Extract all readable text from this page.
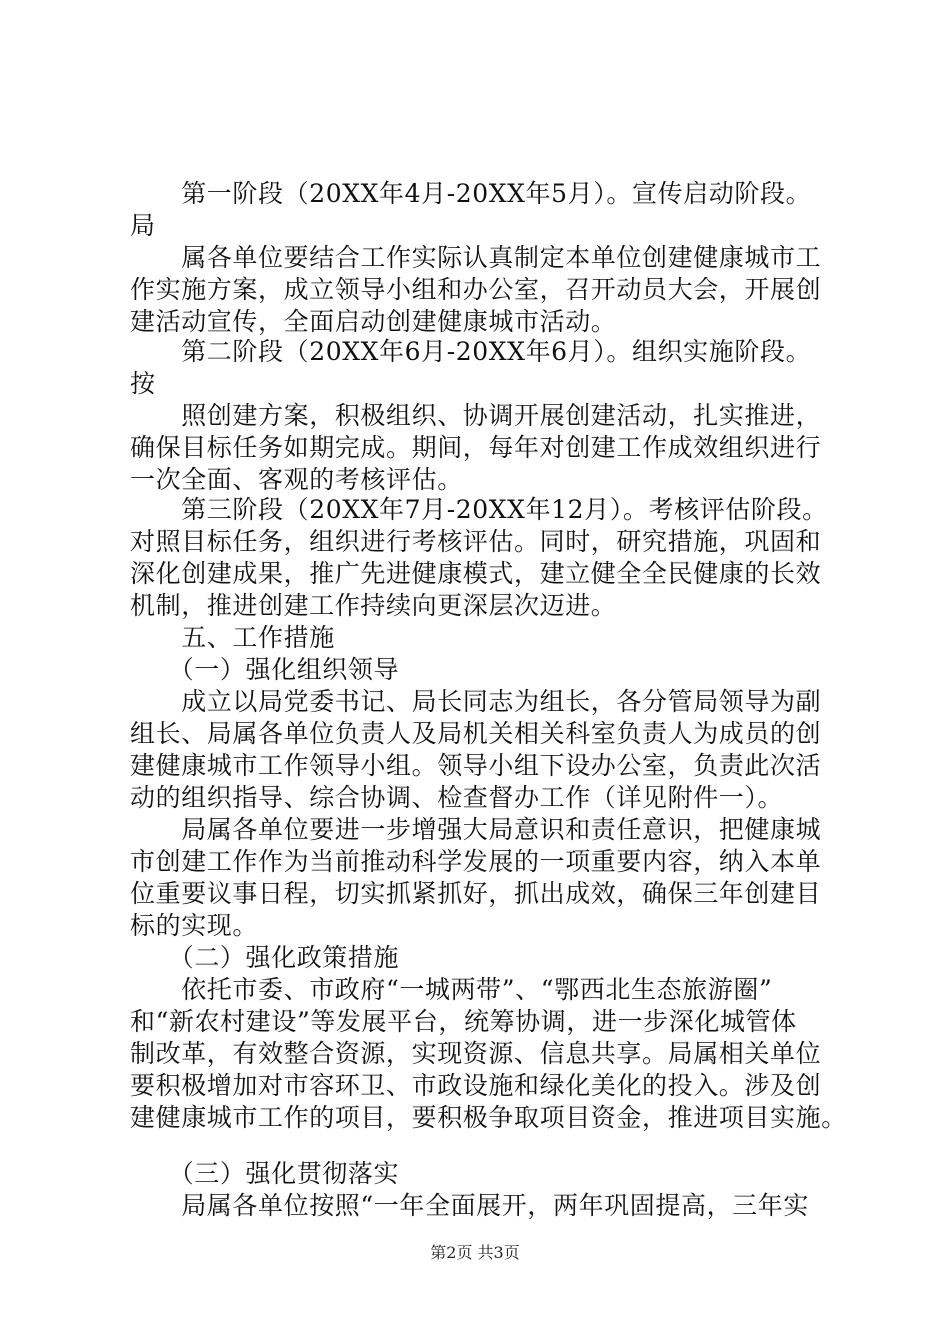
　　第一阶段（20XX年4月-20XX年5月）。宣传启动阶段。
局
　　属各单位要结合工作实际认真制定本单位创建健康城市工
作实施方案，成立领导小组和办公室，召开动员大会，开展创
建活动宣传，全面启动创建健康城市活动。
　　第二阶段（20XX年6月-20XX年6月）。组织实施阶段。
按
　　照创建方案，积极组织、协调开展创建活动，扎实推进，
确保目标任务如期完成。期间，每年对创建工作成效组织进行
一次全面、客观的考核评估。
　　第三阶段（20XX年7月-20XX年12月）。考核评估阶段。
对照目标任务，组织进行考核评估。同时，研究措施，巩固和
深化创建成果，推广先进健康模式，建立健全全民健康的长效
机制，推进创建工作持续向更深层次迈进。
　　五、工作措施
　　（一）强化组织领导
　　成立以局党委书记、局长同志为组长，各分管局领导为副
组长、局属各单位负责人及局机关相关科室负责人为成员的创
建健康城市工作领导小组。领导小组下设办公室，负责此次活
动的组织指导、综合协调、检查督办工作（详见附件一）。
　　局属各单位要进一步增强大局意识和责任意识，把健康城
市创建工作作为当前推动科学发展的一项重要内容，纳入本单
位重要议事日程，切实抓紧抓好，抓出成效，确保三年创建目
标的实现。
　　（二）强化政策措施
　　依托市委、市政府“一城两带”、“鄂西北生态旅游圈”
和“新农村建设”等发展平台，统筹协调，进一步深化城管体
制改革，有效整合资源，实现资源、信息共享。局属相关单位
要积极增加对市容环卫、市政设施和绿化美化的投入。涉及创
建健康城市工作的项目，要积极争取项目资金，推进项目实施。
　　（三）强化贯彻落实
　　局属各单位按照“一年全面展开，两年巩固提高，三年实
第2页 共3页
